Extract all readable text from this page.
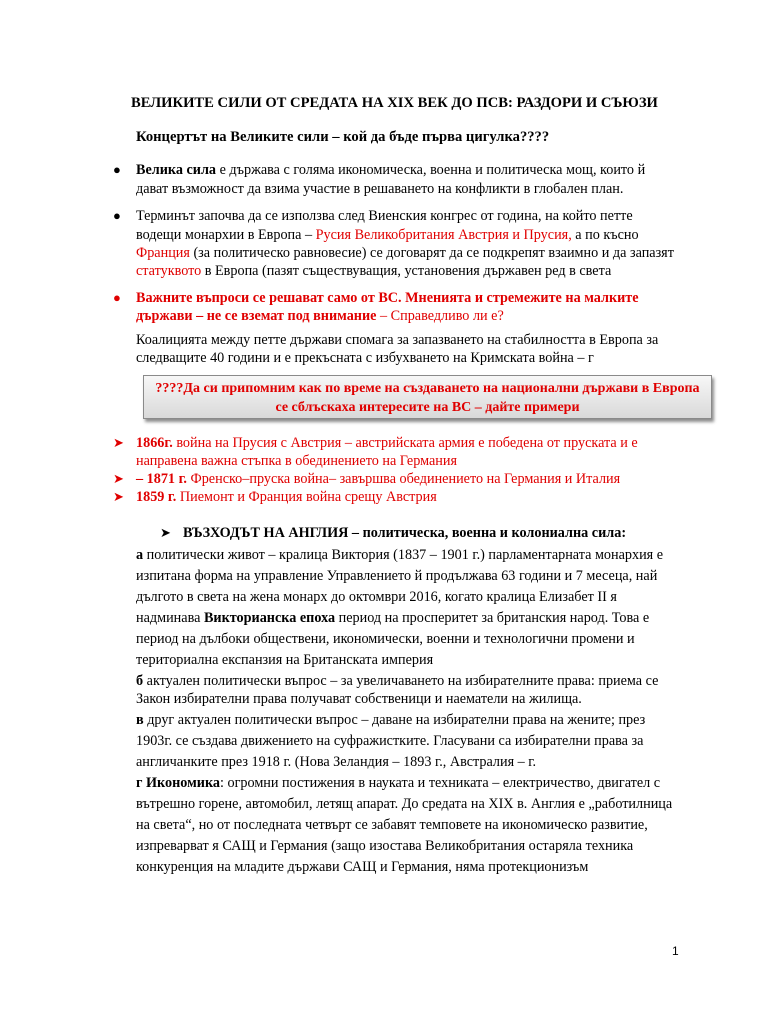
ВЕЛИКИТЕ СИЛИ ОТ СРЕДАТА НА XIX ВЕК ДО ПСВ: РАЗДОРИ И СЪЮЗИ
Концертът на Великите сили – кой да бъде първа цигулка????
● Велика сила е държава с голяма икономическа, военна и политическа мощ, които й
дават възможност да взима участие в решаването на конфликти в глобален план.
● Терминът започва да се използва след Виенския конгрес от година, на който петте
водещи монархии в Европа – Русия Великобритания Австрия и Прусия, а по късно
Франция (за политическо равновесие) се договарят да се подкрепят взаимно и да запазят
статуквото в Европа (пазят съществуващия, установения държавен ред в света
● Важните въпроси се решават само от ВС. Мненията и стремежите на малките
държави – не се вземат под внимание – Справедливо ли е?
Коалицията между петте държави спомага за запазването на стабилността в Европа за
следващите 40 години и е прекъсната с избухването на Кримската война – г
????Да си припомним как по време на създаването на национални държави в Европа
се сблъскаха интересите на ВС – дайте примери
➤ 1866г. война на Прусия с Австрия – австрийската армия е победена от пруската и е
направена важна стъпка в обединението на Германия
➤ – 1871 г. Френско–пруска война– завършва обединението на Германия и Италия
➤ 1859 г. Пиемонт и Франция война срещу Австрия
➤ ВЪЗХОДЪТ НА АНГЛИЯ – политическа, военна и колониална сила:
а политически живот – кралица Виктория (1837 – 1901 г.) парламентарната монархия е
изпитана форма на управление Управлението й продължава 63 години и 7 месеца, най
дълготo в света на жена монарх до октомври 2016, когато кралица Елизабет II я
надминава Викторианска епоха период на просперитет за британския народ. Това е
период на дълбоки обществени, икономически, военни и технологични промени и
териториална експанзия на Британската империя
б актуален политически въпрос – за увеличаването на избирателните права: приема се
Закон избирателни права получават собственици и наематели на жилища.
в друг актуален политически въпрос – даване на избирателни права на жените; през
1903г. се създава движението на суфражистките. Гласувани са избирателни права за
англичанките през 1918 г. (Нова Зеландия – 1893 г., Австралия – г.
г Икономика: огромни постижения в науката и техниката – електричество, двигател с
вътрешно горене, автомобил, летящ апарат. До средата на XIX в. Англия е „работилница
на света“, но от последната четвърт се забавят темповете на икономическо развитие,
изпреварват я САЩ и Германия (защо изостава Великобритания остаряла техника
конкуренция на младите държави САЩ и Германия, няма протекционизъм
1
